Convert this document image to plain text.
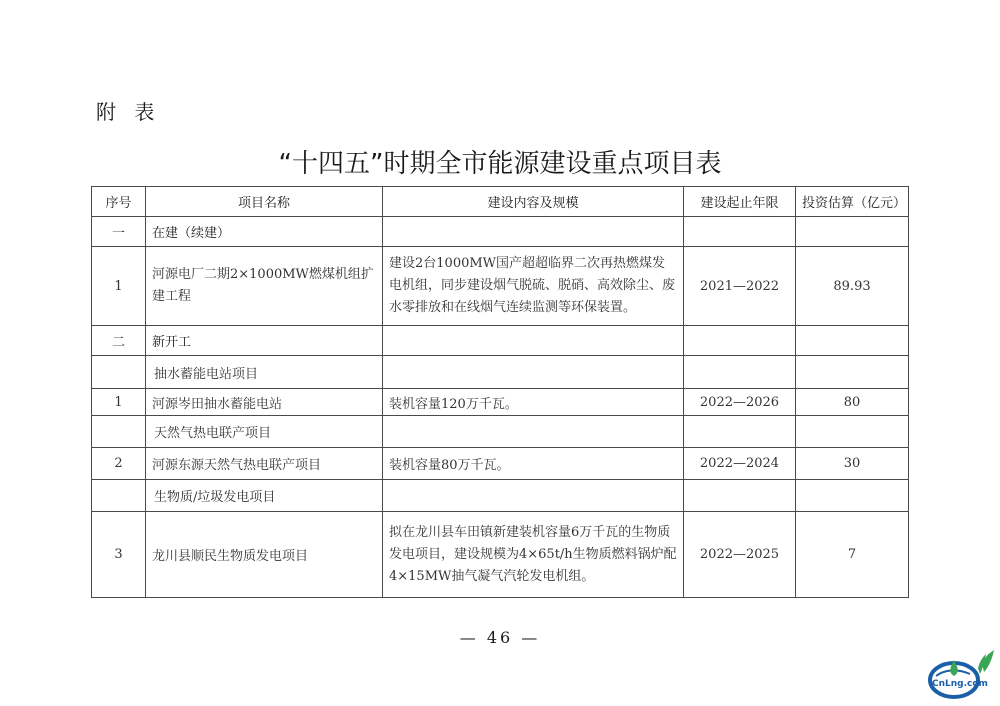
附 表
“十四五”时期全市能源建设重点项目表
序号	项目名称	建设内容及规模	建设起止年限	投资估算（亿元）
一	在建（续建）			
1	河源电厂二期2×1000MW燃煤机组扩建工程	建设2台1000MW国产超超临界二次再热燃煤发电机组，同步建设烟气脱硫、脱硝、高效除尘、废水零排放和在线烟气连续监测等环保装置。	2021—2022	89.93
二	新开工			
	抽水蓄能电站项目			
1	河源岑田抽水蓄能电站	装机容量120万千瓦。	2022—2026	80
	天然气热电联产项目			
2	河源东源天然气热电联产项目	装机容量80万千瓦。	2022—2024	30
	生物质/垃圾发电项目			
3	龙川县顺民生物质发电项目	拟在龙川县车田镇新建装机容量6万千瓦的生物质发电项目，建设规模为4×65t/h生物质燃料锅炉配4×15MW抽气凝气汽轮发电机组。	2022—2025	7
— 46 —
CnLng.com
